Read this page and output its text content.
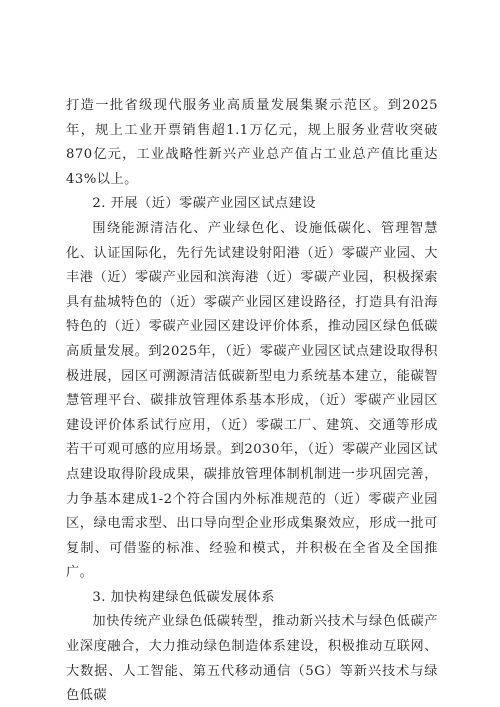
打造一批省级现代服务业高质量发展集聚示范区。到2025年，规上工业开票销售超1.1万亿元，规上服务业营收突破870亿元，工业战略性新兴产业总产值占工业总产值比重达43%以上。

2. 开展（近）零碳产业园区试点建设

围绕能源清洁化、产业绿色化、设施低碳化、管理智慧化、认证国际化，先行先试建设射阳港（近）零碳产业园、大丰港（近）零碳产业园和滨海港（近）零碳产业园，积极探索具有盐城特色的（近）零碳产业园区建设路径，打造具有沿海特色的（近）零碳产业园区建设评价体系，推动园区绿色低碳高质量发展。到2025年，（近）零碳产业园区试点建设取得积极进展，园区可溯源清洁低碳新型电力系统基本建立，能碳智慧管理平台、碳排放管理体系基本形成，（近）零碳产业园区建设评价体系试行应用，（近）零碳工厂、建筑、交通等形成若干可观可感的应用场景。到2030年，（近）零碳产业园区试点建设取得阶段成果，碳排放管理体制机制进一步巩固完善，力争基本建成1-2个符合国内外标准规范的（近）零碳产业园区，绿电需求型、出口导向型企业形成集聚效应，形成一批可复制、可借鉴的标准、经验和模式，并积极在全省及全国推广。

3. 加快构建绿色低碳发展体系

加快传统产业绿色低碳转型，推动新兴技术与绿色低碳产业深度融合，大力推动绿色制造体系建设，积极推动互联网、大数据、人工智能、第五代移动通信（5G）等新兴技术与绿色低碳
